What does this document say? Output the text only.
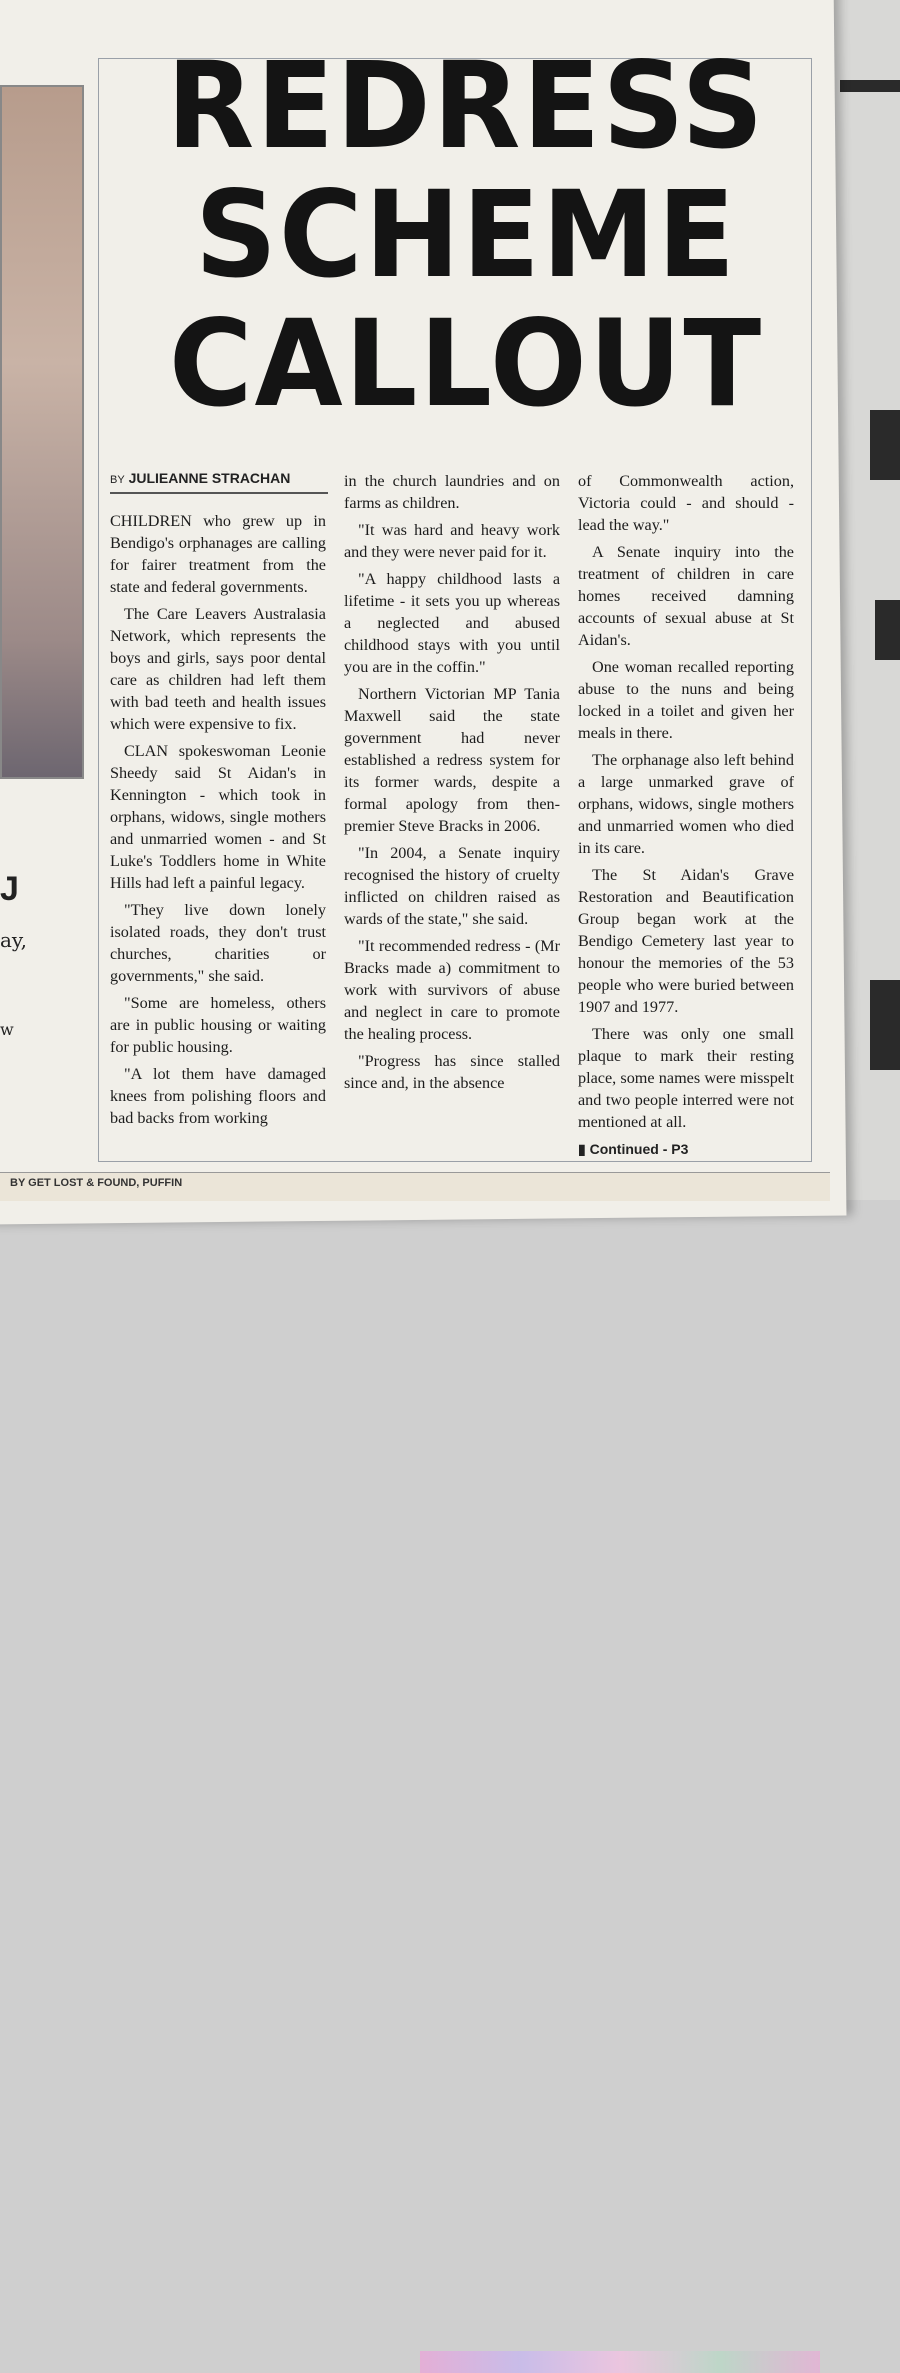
J
ay,
w
REDRESS
SCHEME
CALLOUT
BY JULIEANNE STRACHAN

CHILDREN who grew up in Bendigo's orphanages are calling for fairer treatment from the state and federal governments.

The Care Leavers Australasia Network, which represents the boys and girls, says poor dental care as children had left them with bad teeth and health issues which were expensive to fix.

CLAN spokeswoman Leonie Sheedy said St Aidan's in Kennington - which took in orphans, widows, single mothers and unmarried women - and St Luke's Toddlers home in White Hills had left a painful legacy.

"They live down lonely isolated roads, they don't trust churches, charities or governments," she said.

"Some are homeless, others are in public housing or waiting for public housing.

"A lot them have damaged knees from polishing floors and bad backs from working

in the church laundries and on farms as children.

"It was hard and heavy work and they were never paid for it.

"A happy childhood lasts a lifetime - it sets you up whereas a neglected and abused childhood stays with you until you are in the coffin."

Northern Victorian MP Tania Maxwell said the state government had never established a redress system for its former wards, despite a formal apology from then-premier Steve Bracks in 2006.

"In 2004, a Senate inquiry recognised the history of cruelty inflicted on children raised as wards of the state," she said.

"It recommended redress - (Mr Bracks made a) commitment to work with survivors of abuse and neglect in care to promote the healing process.

"Progress has since stalled since and, in the absence

of Commonwealth action, Victoria could - and should - lead the way."

A Senate inquiry into the treatment of children in care homes received damning accounts of sexual abuse at St Aidan's.

One woman recalled reporting abuse to the nuns and being locked in a toilet and given her meals in there.

The orphanage also left behind a large unmarked grave of orphans, widows, single mothers and unmarried women who died in its care.

The St Aidan's Grave Restoration and Beautification Group began work at the Bendigo Cemetery last year to honour the memories of the 53 people who were buried between 1907 and 1977.

There was only one small plaque to mark their resting place, some names were misspelt and two people interred were not mentioned at all.

▮ Continued - P3
BY GET LOST & FOUND, PUFFIN
